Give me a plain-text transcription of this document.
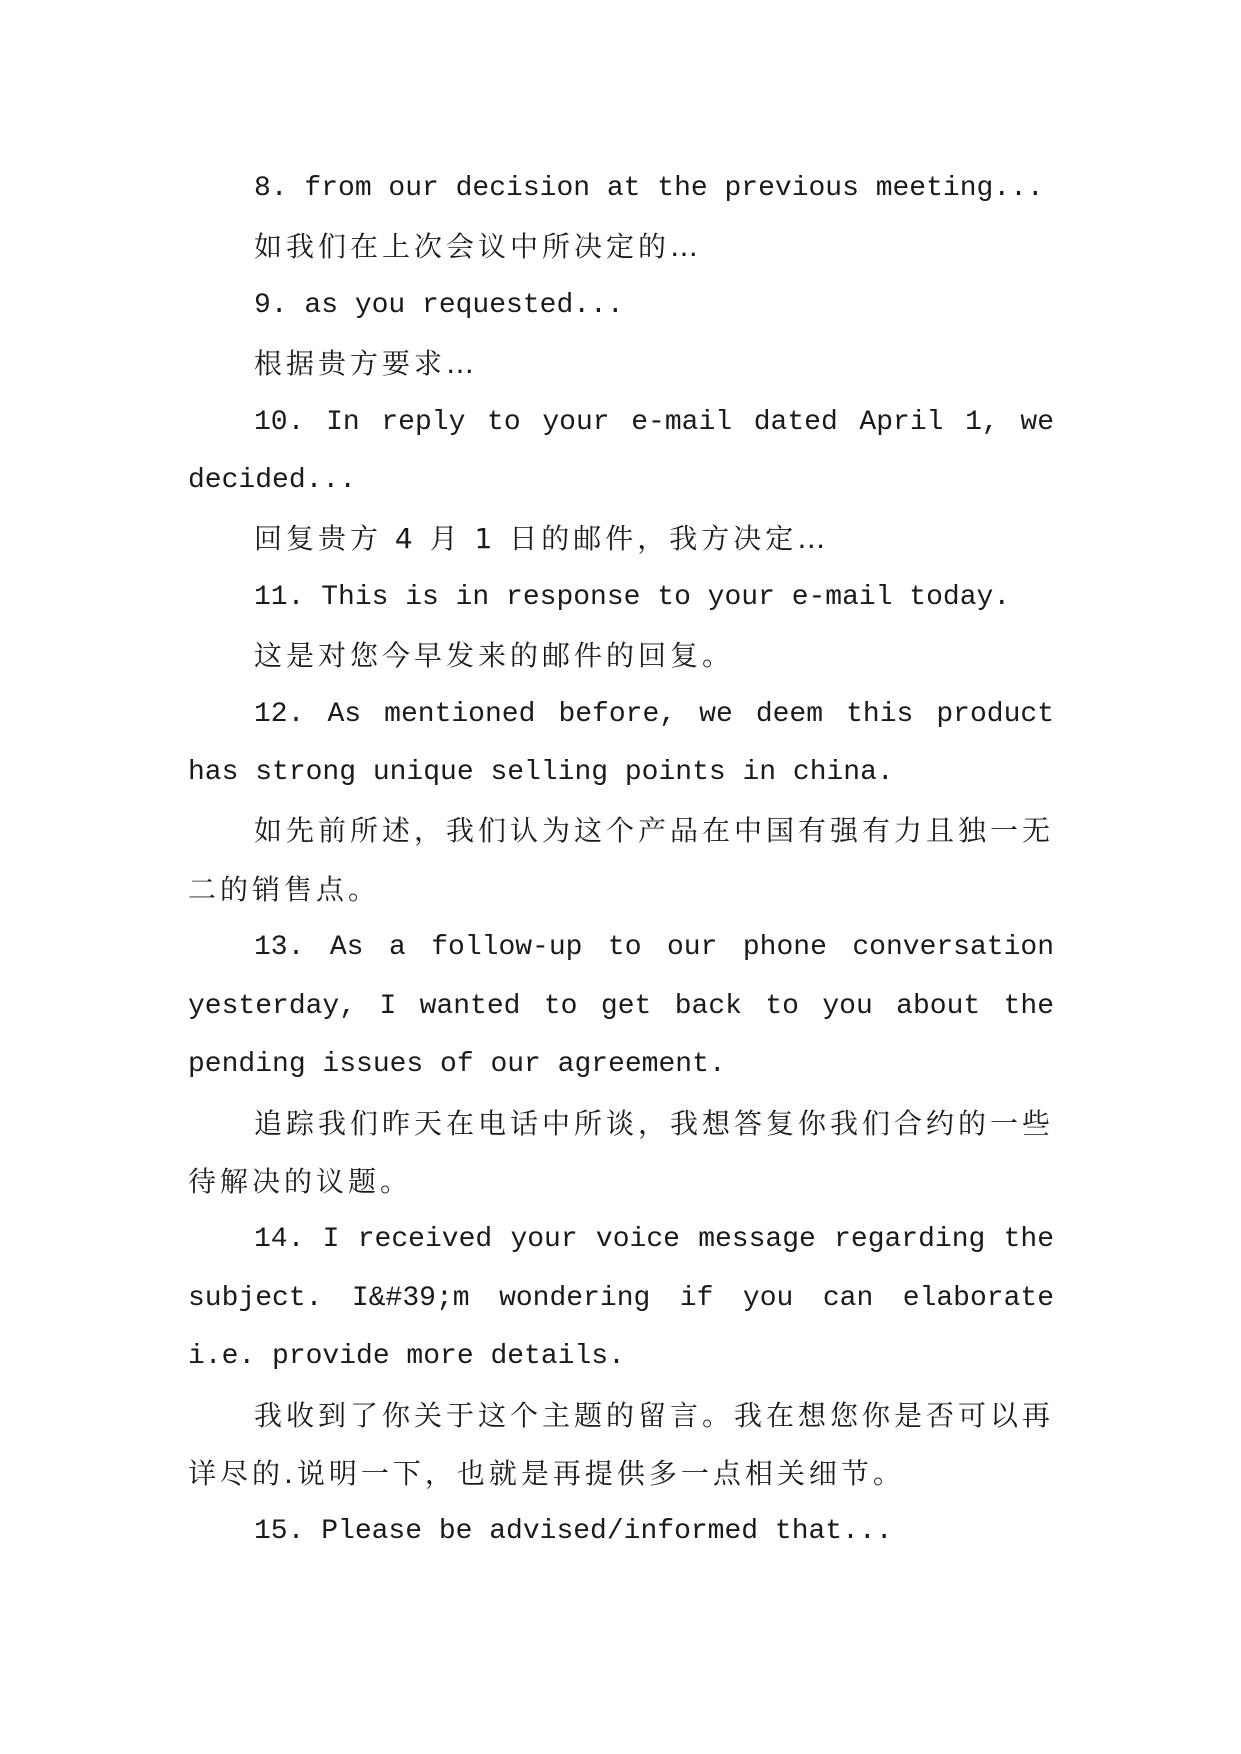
8. from our decision at the previous meeting...

如我们在上次会议中所决定的…

9. as you requested...

根据贵方要求…

10. In reply to your e-mail dated April 1, we decided...

回复贵方 4 月 1 日的邮件，我方决定…

11. This is in response to your e-mail today.

这是对您今早发来的邮件的回复。

12. As mentioned before, we deem this product has strong unique selling points in china.

如先前所述，我们认为这个产品在中国有强有力且独一无二的销售点。

13. As a follow-up to our phone conversation yesterday, I wanted to get back to you about the pending issues of our agreement.

追踪我们昨天在电话中所谈，我想答复你我们合约的一些待解决的议题。

14. I received your voice message regarding the subject. I&#39;m wondering if you can elaborate i.e. provide more details.

我收到了你关于这个主题的留言。我在想您你是否可以再详尽的.说明一下，也就是再提供多一点相关细节。

15. Please be advised/informed that...
